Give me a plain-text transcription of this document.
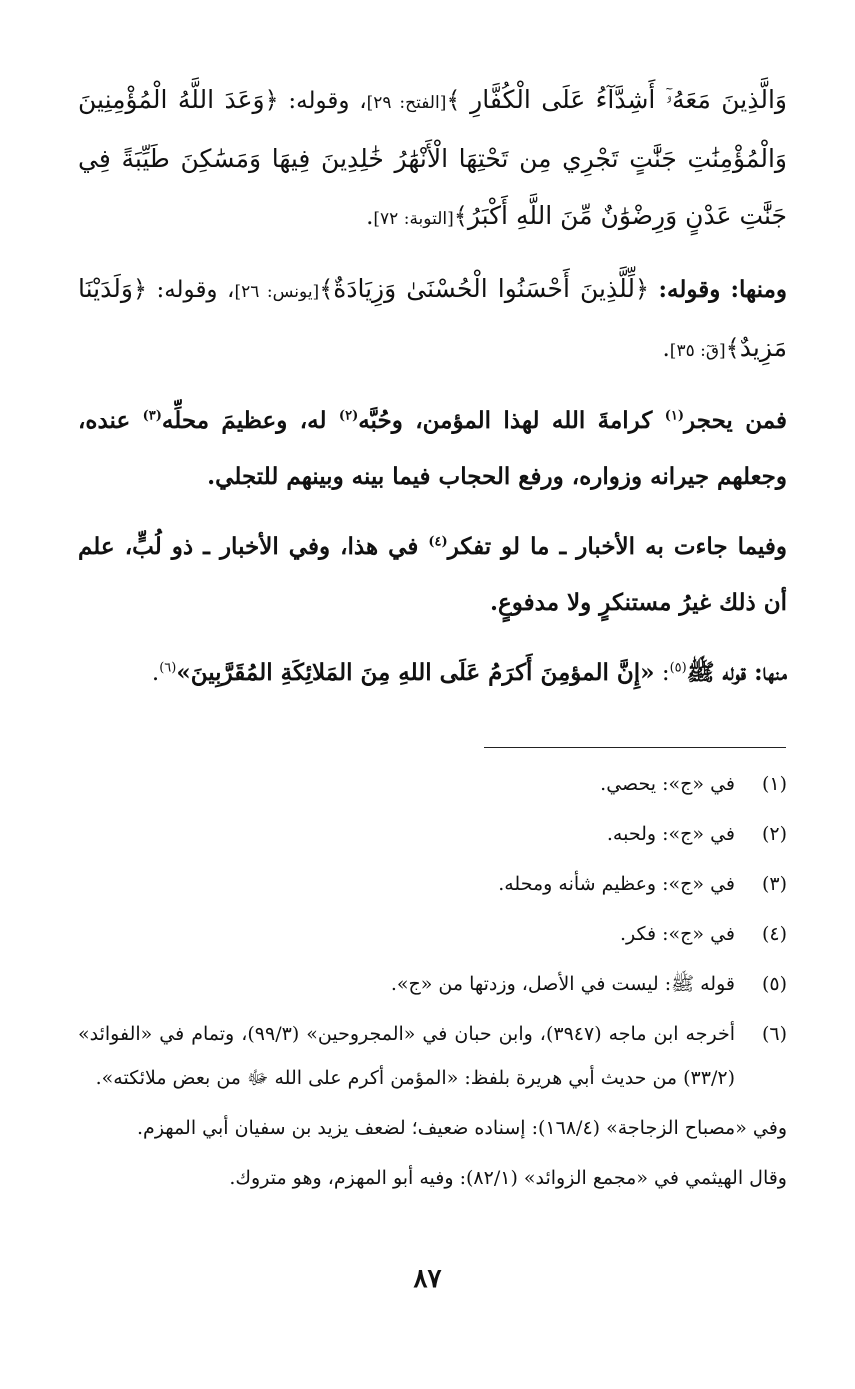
وَالَّذِينَ مَعَهُۥٓ أَشِدَّآءُ عَلَى الْكُفَّارِ ﴾[الفتح: ٢٩]، وقوله: ﴿وَعَدَ اللَّهُ الْمُؤْمِنِينَ وَالْمُؤْمِنَٰتِ جَنَّٰتٍ تَجْرِي مِن تَحْتِهَا الْأَنْهَٰرُ خَٰلِدِينَ فِيهَا وَمَسَٰكِنَ طَيِّبَةً فِي جَنَّٰتِ عَدْنٍ وَرِضْوَٰنٌ مِّنَ اللَّهِ أَكْبَرُ﴾[التوبة: ٧٢].

ومنها: وقوله: ﴿لِّلَّذِينَ أَحْسَنُوا الْحُسْنَىٰ وَزِيَادَةٌ﴾[يونس: ٢٦]، وقوله: ﴿وَلَدَيْنَا مَزِيدٌ﴾[قٓ: ٣٥].

فمن يحجر$^{(١)}$ كرامةَ الله لهذا المؤمن، وحُبَّه$^{(٢)}$ له، وعظيمَ محلِّه$^{(٣)}$ عنده، وجعلهم جيرانه وزواره، ورفع الحجاب فيما بينه وبينهم للتجلي.

وفيما جاءت به الأخبار ـ ما لو تفكر$^{(٤)}$ في هذا، وفي الأخبار ـ ذو لُبٍّ، علم أن ذلك غيرُ مستنكرٍ ولا مدفوعٍ.

منها: قوله ﷺ$^{(٥)}$: «إِنَّ المؤمِنَ أَكرَمُ عَلَى اللهِ مِنَ المَلائِكَةِ المُقَرَّبِينَ»$^{(٦)}$.

(١)
في «ج»: يحصي.
(٢)
في «ج»: ولحبه.
(٣)
في «ج»: وعظيم شأنه ومحله.
(٤)
في «ج»: فكر.
(٥)
قوله ﷺ: ليست في الأصل، وزدتها من «ج».
(٦)
أخرجه ابن ماجه (٣٩٤٧)، وابن حبان في «المجروحين» (٩٩/٣)، وتمام في «الفوائد» (٣٣/٢) من حديث أبي هريرة بلفظ: «المؤمن أكرم على الله ﷻ من بعض ملائكته».
وفي «مصباح الزجاجة» (١٦٨/٤): إسناده ضعيف؛ لضعف يزيد بن سفيان أبي المهزم.
وقال الهيثمي في «مجمع الزوائد» (٨٢/١): وفيه أبو المهزم، وهو متروك.
٨٧
